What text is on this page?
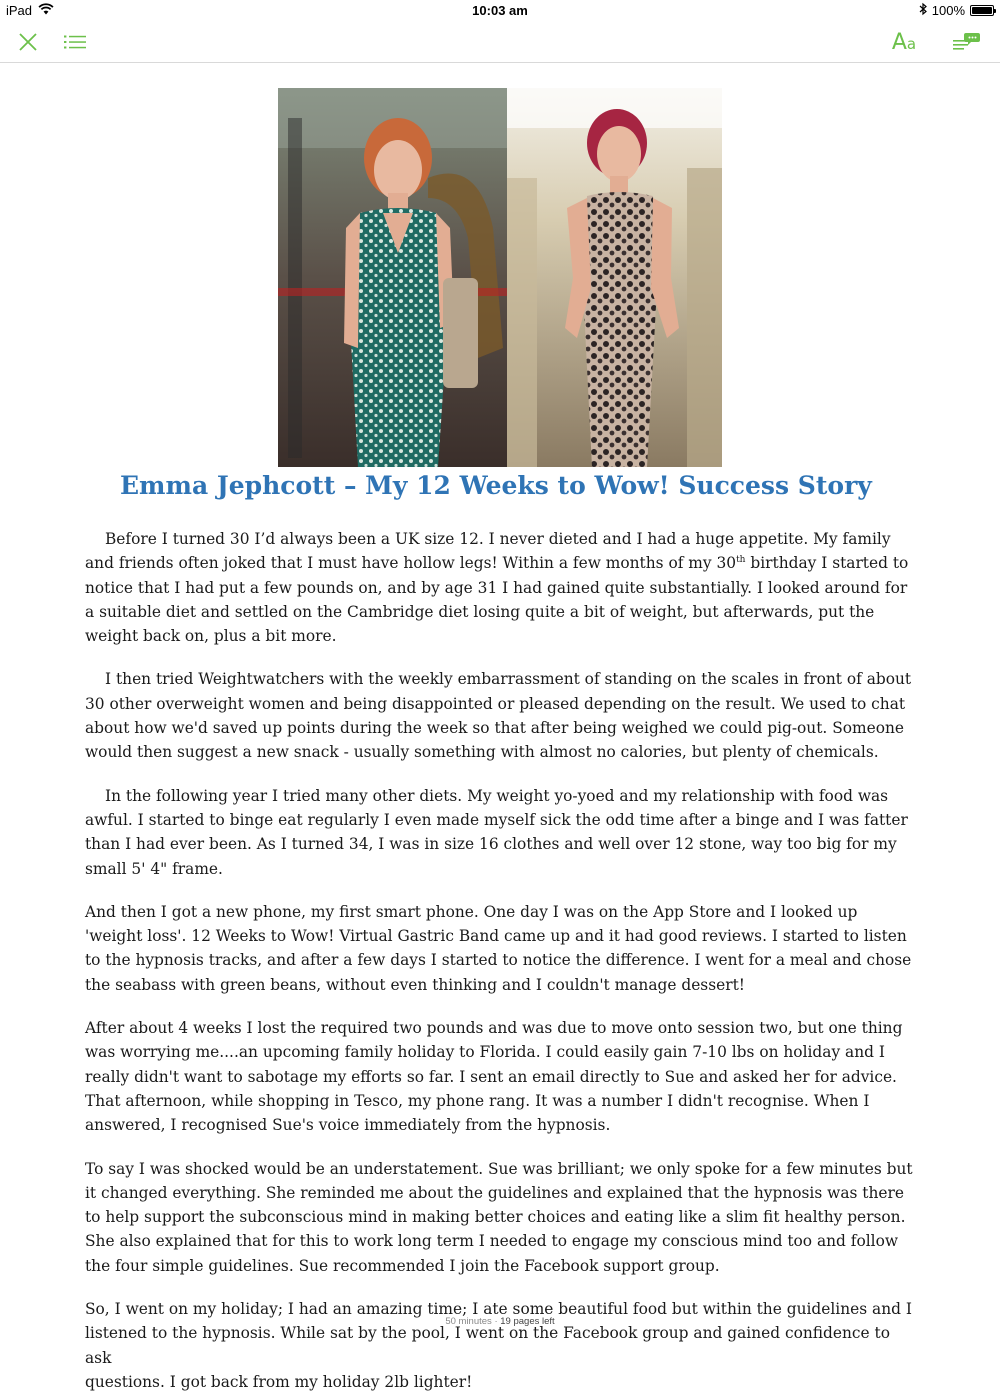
iPad	10:03 am	100%
Aa
Emma Jephcott – My 12 Weeks to Wow! Success Story

Before I turned 30 I’d always been a UK size 12. I never dieted and I had a huge appetite. My family and friends often joked that I must have hollow legs! Within a few months of my 30th birthday I started to notice that I had put a few pounds on, and by age 31 I had gained quite substantially. I looked around for a suitable diet and settled on the Cambridge diet losing quite a bit of weight, but afterwards, put the weight back on, plus a bit more.

I then tried Weightwatchers with the weekly embarrassment of standing on the scales in front of about 30 other overweight women and being disappointed or pleased depending on the result. We used to chat about how we'd saved up points during the week so that after being weighed we could pig-out. Someone would then suggest a new snack - usually something with almost no calories, but plenty of chemicals.

In the following year I tried many other diets. My weight yo-yoed and my relationship with food was awful. I started to binge eat regularly I even made myself sick the odd time after a binge and I was fatter than I had ever been. As I turned 34, I was in size 16 clothes and well over 12 stone, way too big for my small 5' 4" frame.

And then I got a new phone, my first smart phone. One day I was on the App Store and I looked up 'weight loss'. 12 Weeks to Wow! Virtual Gastric Band came up and it had good reviews. I started to listen to the hypnosis tracks, and after a few days I started to notice the difference. I went for a meal and chose the seabass with green beans, without even thinking and I couldn't manage dessert!

After about 4 weeks I lost the required two pounds and was due to move onto session two, but one thing was worrying me....an upcoming family holiday to Florida. I could easily gain 7-10 lbs on holiday and I really didn't want to sabotage my efforts so far. I sent an email directly to Sue and asked her for advice. That afternoon, while shopping in Tesco, my phone rang. It was a number I didn't recognise. When I answered, I recognised Sue's voice immediately from the hypnosis.

To say I was shocked would be an understatement. Sue was brilliant; we only spoke for a few minutes but it changed everything. She reminded me about the guidelines and explained that the hypnosis was there to help support the subconscious mind in making better choices and eating like a slim fit healthy person. She also explained that for this to work long term I needed to engage my conscious mind too and follow the four simple guidelines. Sue recommended I join the Facebook support group.

So, I went on my holiday; I had an amazing time; I ate some beautiful food but within the guidelines and I listened to the hypnosis. While sat by the pool, I went on the Facebook group and gained confidence to ask

questions. I got back from my holiday 2lb lighter!
50 minutes · 19 pages left
